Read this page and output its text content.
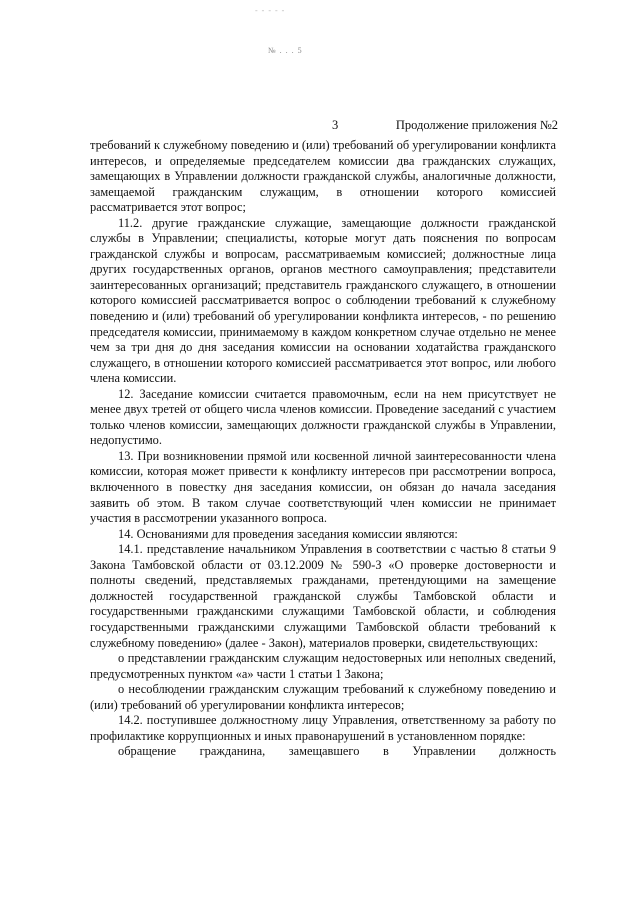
- - - - -
№ . . . 5
3	Продолжение приложения №2

требований к служебному поведению и (или) требований об урегулировании конфликта интересов, и определяемые председателем комиссии два гражданских служащих, замещающих в Управлении должности гражданской службы, аналогичные должности, замещаемой гражданским служащим, в отношении которого комиссией рассматривается этот вопрос;

11.2. другие гражданские служащие, замещающие должности гражданской службы в Управлении; специалисты, которые могут дать пояснения по вопросам гражданской службы и вопросам, рассматриваемым комиссией; должностные лица других государственных органов, органов местного самоуправления; представители заинтересованных организаций; представитель гражданского служащего, в отношении которого комиссией рассматривается вопрос о соблюдении требований к служебному поведению и (или) требований об урегулировании конфликта интересов, - по решению председателя комиссии, принимаемому в каждом конкретном случае отдельно не менее чем за три дня до дня заседания комиссии на основании ходатайства гражданского служащего, в отношении которого комиссией рассматривается этот вопрос, или любого члена комиссии.

12. Заседание комиссии считается правомочным, если на нем присутствует не менее двух третей от общего числа членов комиссии. Проведение заседаний с участием только членов комиссии, замещающих должности гражданской службы в Управлении, недопустимо.

13. При возникновении прямой или косвенной личной заинтересованности члена комиссии, которая может привести к конфликту интересов при рассмотрении вопроса, включенного в повестку дня заседания комиссии, он обязан до начала заседания заявить об этом. В таком случае соответствующий член комиссии не принимает участия в рассмотрении указанного вопроса.

14. Основаниями для проведения заседания комиссии являются:

14.1. представление начальником Управления в соответствии с частью 8 статьи 9 Закона Тамбовской области от 03.12.2009 № 590-З «О проверке достоверности и полноты сведений, представляемых гражданами, претендующими на замещение должностей государственной гражданской службы Тамбовской области и государственными гражданскими служащими Тамбовской области, и соблюдения государственными гражданскими служащими Тамбовской области требований к служебному поведению» (далее - Закон), материалов проверки, свидетельствующих:

о представлении гражданским служащим недостоверных или неполных сведений, предусмотренных пунктом «а» части 1 статьи 1 Закона;

о несоблюдении гражданским служащим требований к служебному поведению и (или) требований об урегулировании конфликта интересов;

14.2. поступившее должностному лицу Управления, ответственному за работу по профилактике коррупционных и иных правонарушений в установленном порядке:

обращение гражданина, замещавшего в Управлении должность
